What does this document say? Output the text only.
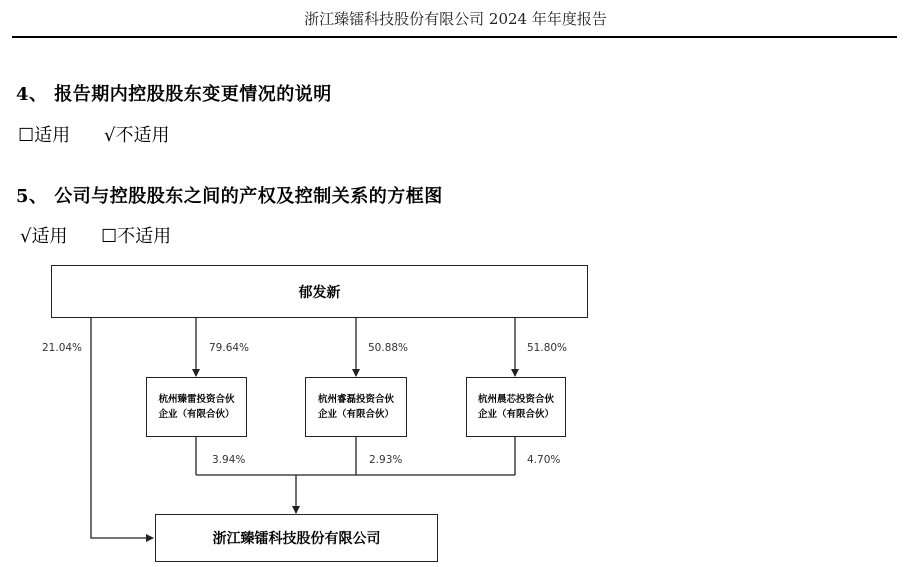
浙江臻镭科技股份有限公司 2024 年年度报告
4、 报告期内控股股东变更情况的说明
☐适用 √不适用
5、 公司与控股股东之间的产权及控制关系的方框图
√适用 ☐不适用
郁发新
杭州臻雷投资合伙
企业（有限合伙）
杭州睿磊投资合伙
企业（有限合伙）
杭州晨芯投资合伙
企业（有限合伙）
浙江臻镭科技股份有限公司
21.04%	79.64%	50.88%	51.80%
3.94%	2.93%	4.70%
